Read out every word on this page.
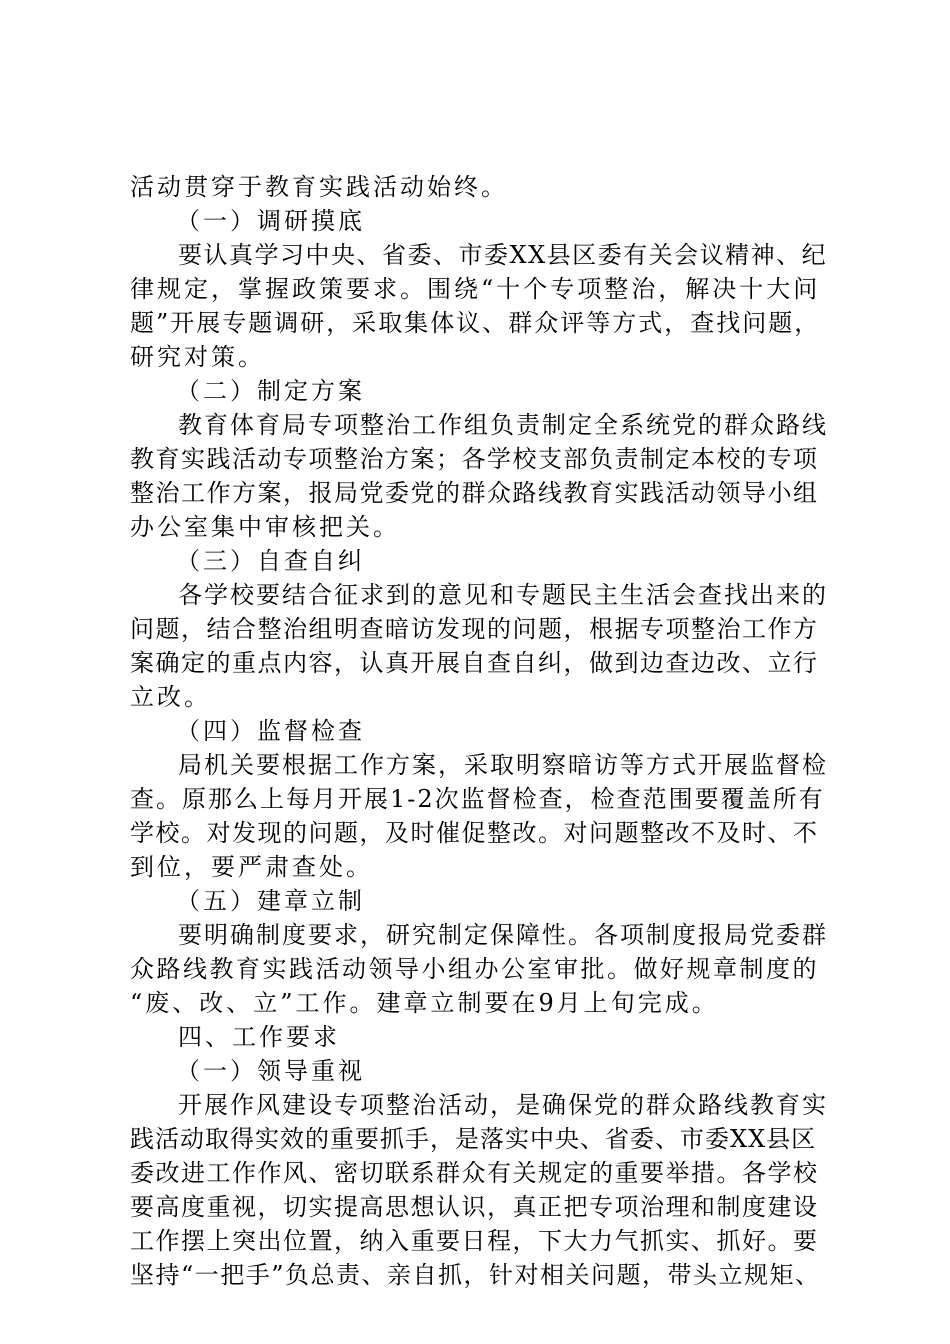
活动贯穿于教育实践活动始终。
（一）调研摸底
要认真学习中央、省委、市委XX县区委有关会议精神、纪
律规定，掌握政策要求。围绕“十个专项整治，解决十大问
题”开展专题调研，采取集体议、群众评等方式，查找问题，
研究对策。
（二）制定方案
教育体育局专项整治工作组负责制定全系统党的群众路线
教育实践活动专项整治方案；各学校支部负责制定本校的专项
整治工作方案，报局党委党的群众路线教育实践活动领导小组
办公室集中审核把关。
（三）自查自纠
各学校要结合征求到的意见和专题民主生活会查找出来的
问题，结合整治组明查暗访发现的问题，根据专项整治工作方
案确定的重点内容，认真开展自查自纠，做到边查边改、立行
立改。
（四）监督检查
局机关要根据工作方案，采取明察暗访等方式开展监督检
查。原那么上每月开展1-2次监督检查，检查范围要覆盖所有
学校。对发现的问题，及时催促整改。对问题整改不及时、不
到位，要严肃查处。
（五）建章立制
要明确制度要求，研究制定保障性。各项制度报局党委群
众路线教育实践活动领导小组办公室审批。做好规章制度的
“废、改、立”工作。建章立制要在9月上旬完成。
四、工作要求
（一）领导重视
开展作风建设专项整治活动，是确保党的群众路线教育实
践活动取得实效的重要抓手，是落实中央、省委、市委XX县区
委改进工作作风、密切联系群众有关规定的重要举措。各学校
要高度重视，切实提高思想认识，真正把专项治理和制度建设
工作摆上突出位置，纳入重要日程，下大力气抓实、抓好。要
坚持“一把手”负总责、亲自抓，针对相关问题，带头立规矩、
